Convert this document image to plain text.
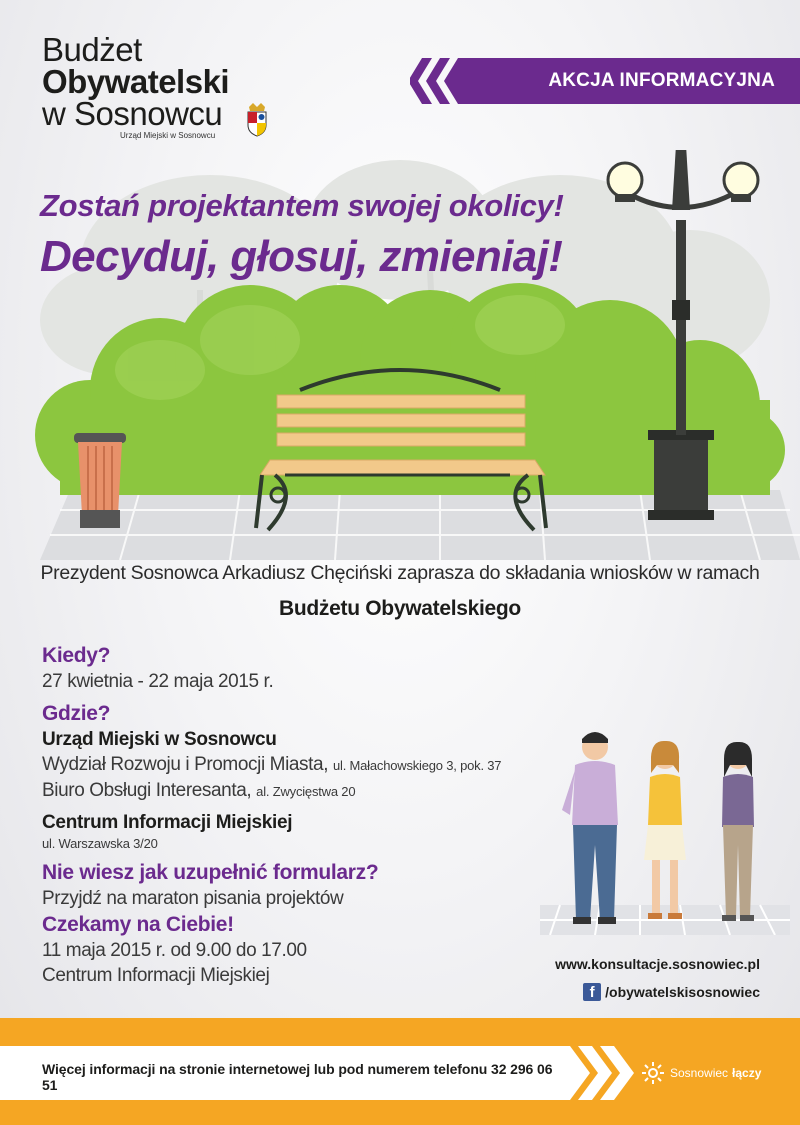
Budżet
Obywatelski
w Sosnowcu
Urząd Miejski w Sosnowcu
AKCJA INFORMACYJNA
Zostań projektantem swojej okolicy!
Decyduj, głosuj, zmieniaj!
Prezydent Sosnowca Arkadiusz Chęciński zaprasza do składania wniosków w ramach
Budżetu Obywatelskiego
Kiedy?
27 kwietnia - 22 maja 2015 r.
Gdzie?
Urząd Miejski w Sosnowcu
Wydział Rozwoju i Promocji Miasta, ul. Małachowskiego 3, pok. 37
Biuro Obsługi Interesanta, al. Zwycięstwa 20
Centrum Informacji Miejskiej
ul. Warszawska 3/20
Nie wiesz jak uzupełnić formularz?
Przyjdź na maraton pisania projektów
Czekamy na Ciebie!
11 maja 2015 r. od 9.00 do 17.00
Centrum Informacji Miejskiej
www.konsultacje.sosnowiec.pl
f /obywatelskisosnowiec
Więcej informacji na stronie internetowej lub pod numerem telefonu 32 296 06 51
Sosnowiec łączy
